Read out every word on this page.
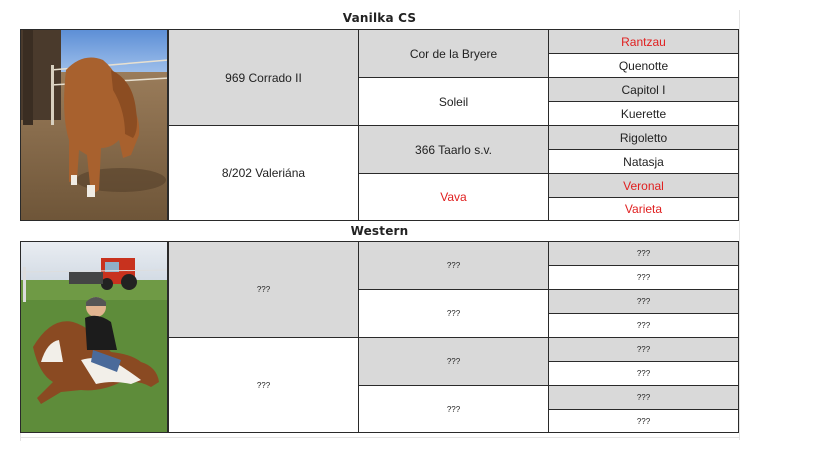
Vanilka CS
969 Corrado II
8/202 Valeriána
Cor de la Bryere
Soleil
366 Taarlo s.v.
Vava
Rantzau
Quenotte
Capitol I
Kuerette
Rigoletto
Natasja
Veronal
Varieta
Western
???
???
???
???
???
???
???
???
???
???
???
???
???
???
